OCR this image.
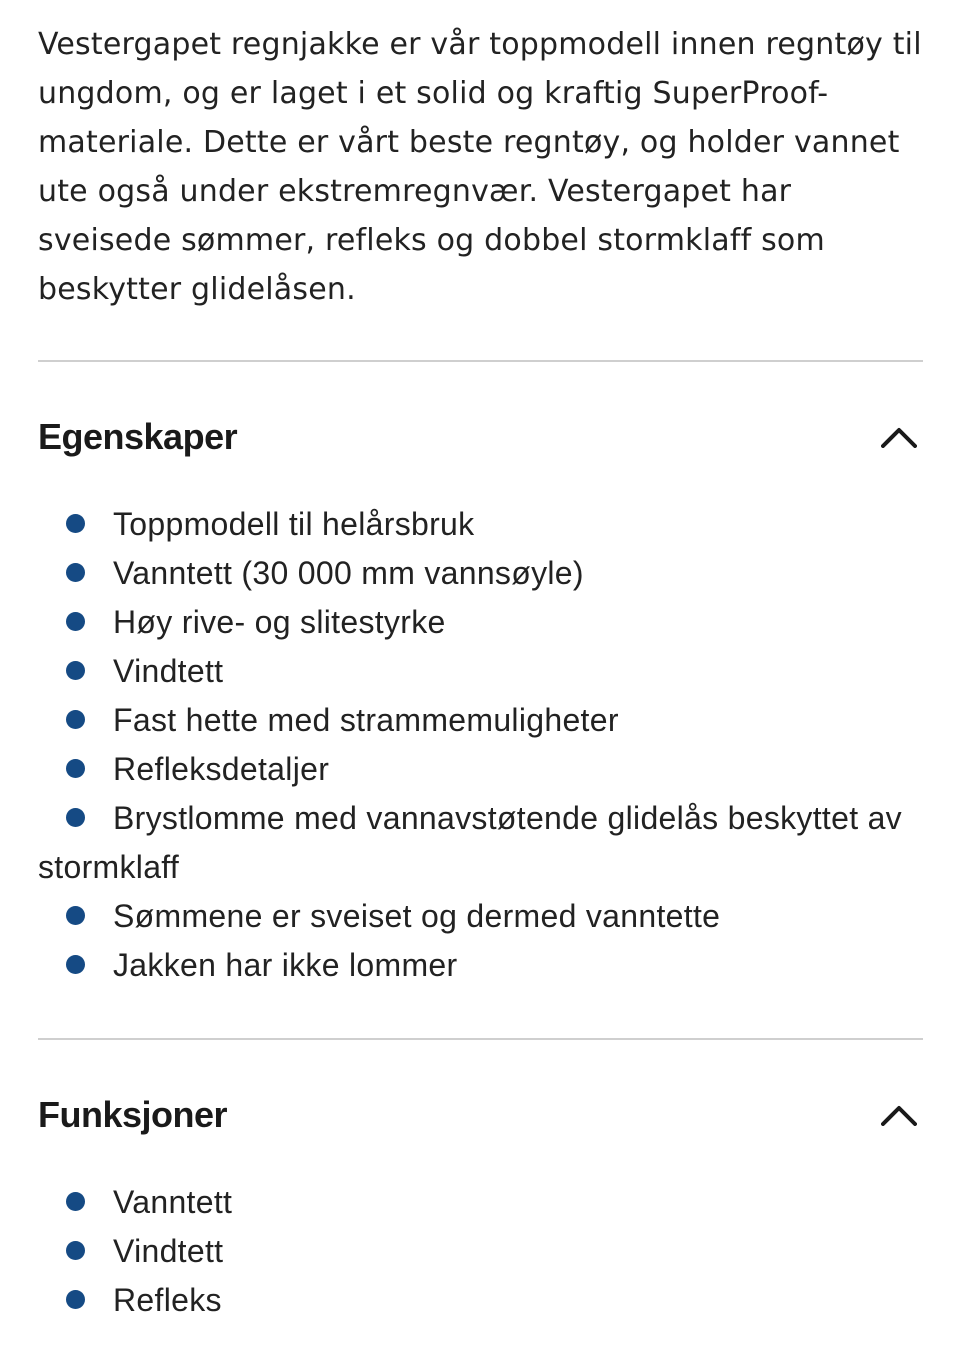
Vestergapet regnjakke er vår toppmodell innen regntøy til ungdom, og er laget i et solid og kraftig SuperProof-materiale. Dette er vårt beste regntøy, og holder vannet ute også under ekstremregnvær. Vestergapet har sveisede sømmer, refleks og dobbel stormklaff som beskytter glidelåsen.

Egenskaper
Toppmodell til helårsbruk
Vanntett (30 000 mm vannsøyle)
Høy rive- og slitestyrke
Vindtett
Fast hette med strammemuligheter
Refleksdetaljer
Brystlomme med vannavstøtende glidelås beskyttet av stormklaff
Sømmene er sveiset og dermed vanntette
Jakken har ikke lommer
Funksjoner
Vanntett
Vindtett
Refleks
